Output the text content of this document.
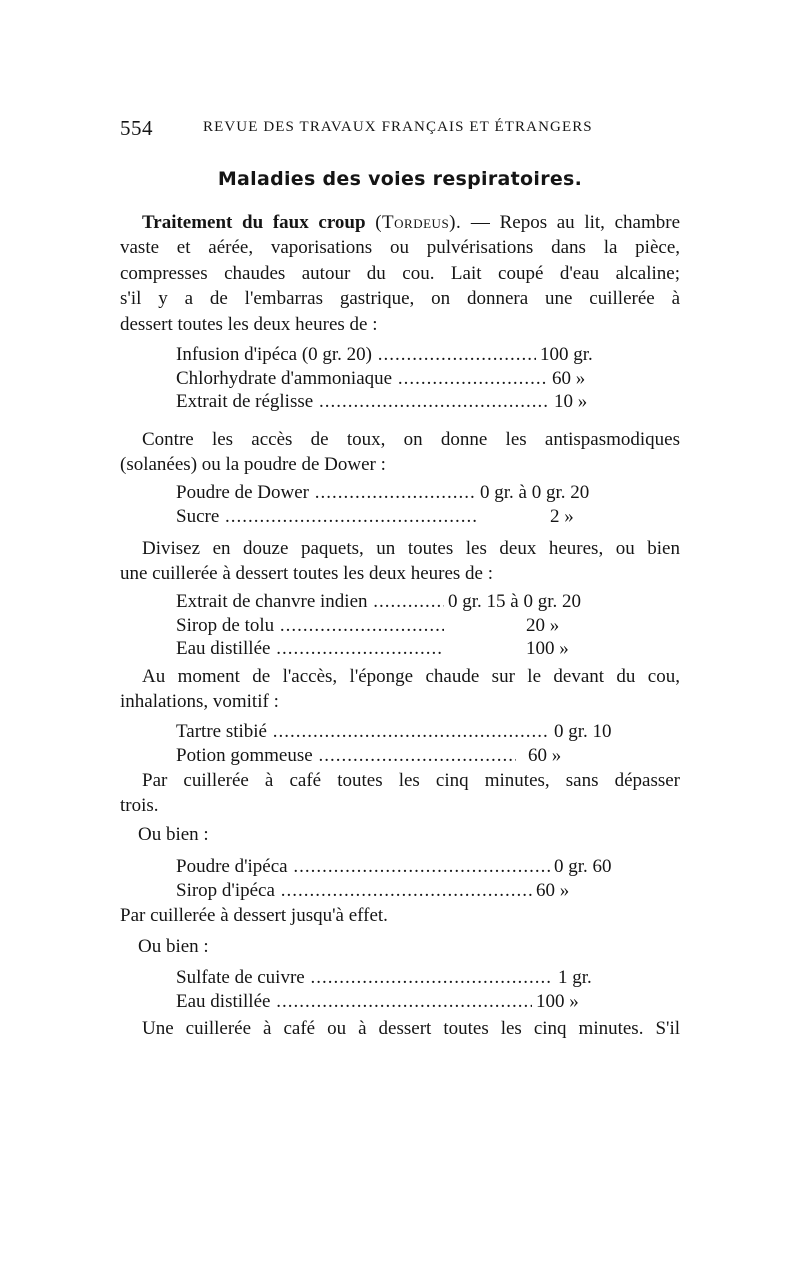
554	REVUE DES TRAVAUX FRANÇAIS ET ÉTRANGERS
Maladies des voies respiratoires.
Traitement du faux croup (Tordeus). — Repos au lit, chambre
vaste et aérée, vaporisations ou pulvérisations dans la pièce,
compresses chaudes autour du cou. Lait coupé d'eau alcaline;
s'il y a de l'embarras gastrique, on donnera une cuillerée à
dessert toutes les deux heures de :
Infusion d'ipéca (0 gr. 20) .....	100 gr.
Chlorhydrate d'ammoniaque .....	60 »
Extrait de réglisse .....	10 »
Contre les accès de toux, on donne les antispasmodiques
(solanées) ou la poudre de Dower :
Poudre de Dower .....	0 gr. à 0 gr. 20
Sucre .....	2 »
Divisez en douze paquets, un toutes les deux heures, ou bien
une cuillerée à dessert toutes les deux heures de :
Extrait de chanvre indien .....	0 gr. 15 à 0 gr. 20
Sirop de tolu .....	20 »
Eau distillée .....	100 »
Au moment de l'accès, l'éponge chaude sur le devant du cou,
inhalations, vomitif :
Tartre stibié .....	0 gr. 10
Potion gommeuse .....	60 »
Par cuillerée à café toutes les cinq minutes, sans dépasser
trois.
Ou bien :
Poudre d'ipéca .....	0 gr. 60
Sirop d'ipéca .....	60 »
Par cuillerée à dessert jusqu'à effet.
Ou bien :
Sulfate de cuivre .....	1 gr.
Eau distillée .....	100 »
Une cuillerée à café ou à dessert toutes les cinq minutes. S'il
